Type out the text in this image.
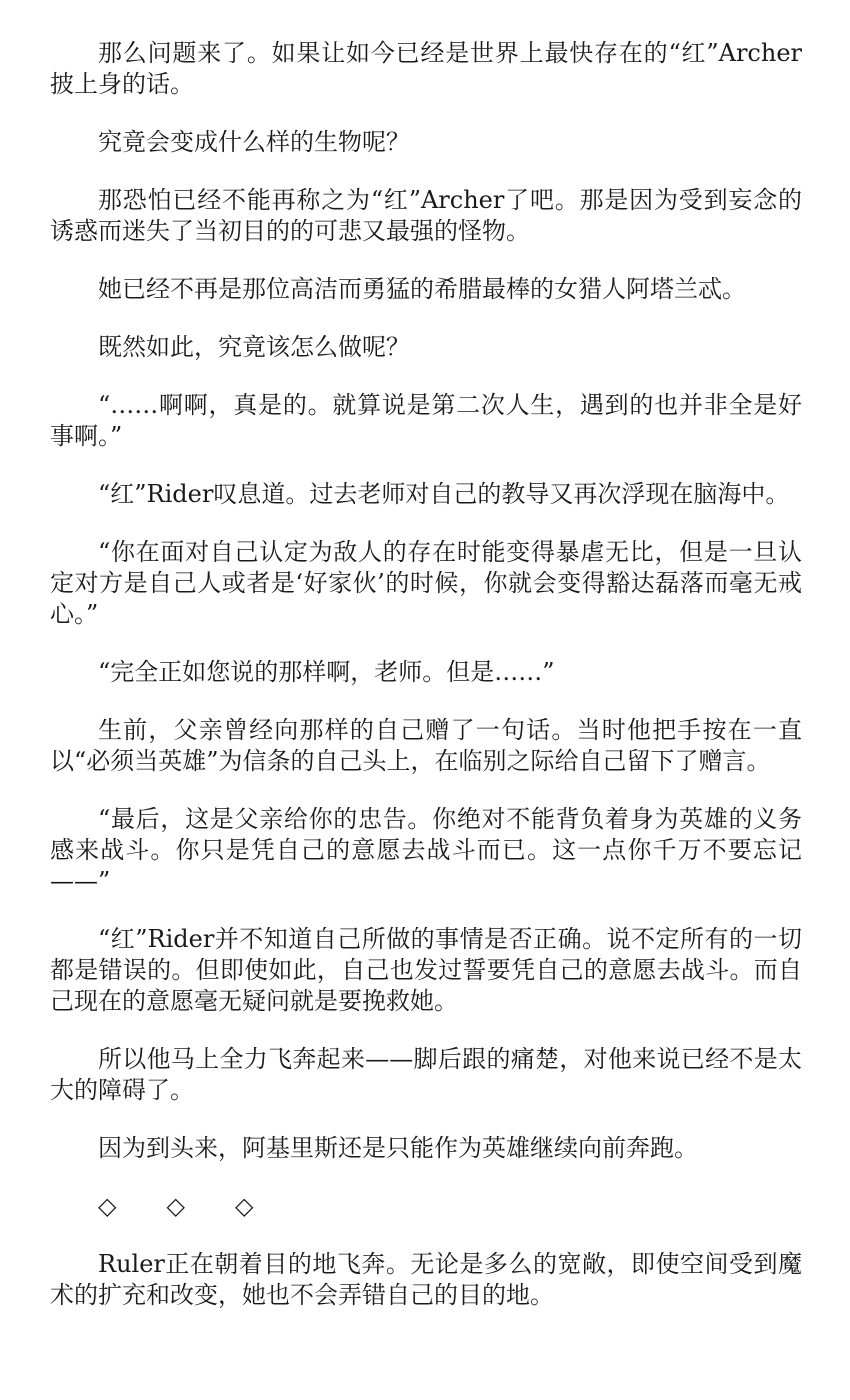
那么问题来了。如果让如今已经是世界上最快存在的“红”Archer披上身的话。

究竟会变成什么样的生物呢？

那恐怕已经不能再称之为“红”Archer了吧。那是因为受到妄念的诱惑而迷失了当初目的的可悲又最强的怪物。

她已经不再是那位高洁而勇猛的希腊最棒的女猎人阿塔兰忒。

既然如此，究竟该怎么做呢？

“……啊啊，真是的。就算说是第二次人生，遇到的也并非全是好事啊。”

“红”Rider叹息道。过去老师对自己的教导又再次浮现在脑海中。

“你在面对自己认定为敌人的存在时能变得暴虐无比，但是一旦认定对方是自己人或者是‘好家伙’的时候，你就会变得豁达磊落而毫无戒心。”

“完全正如您说的那样啊，老师。但是……”

生前，父亲曾经向那样的自己赠了一句话。当时他把手按在一直以“必须当英雄”为信条的自己头上，在临别之际给自己留下了赠言。

“最后，这是父亲给你的忠告。你绝对不能背负着身为英雄的义务感来战斗。你只是凭自己的意愿去战斗而已。这一点你千万不要忘记——”

“红”Rider并不知道自己所做的事情是否正确。说不定所有的一切都是错误的。但即使如此，自己也发过誓要凭自己的意愿去战斗。而自己现在的意愿毫无疑问就是要挽救她。

所以他马上全力飞奔起来——脚后跟的痛楚，对他来说已经不是太大的障碍了。

因为到头来，阿基里斯还是只能作为英雄继续向前奔跑。

◇ ◇ ◇

Ruler正在朝着目的地飞奔。无论是多么的宽敞，即使空间受到魔术的扩充和改变，她也不会弄错自己的目的地。
